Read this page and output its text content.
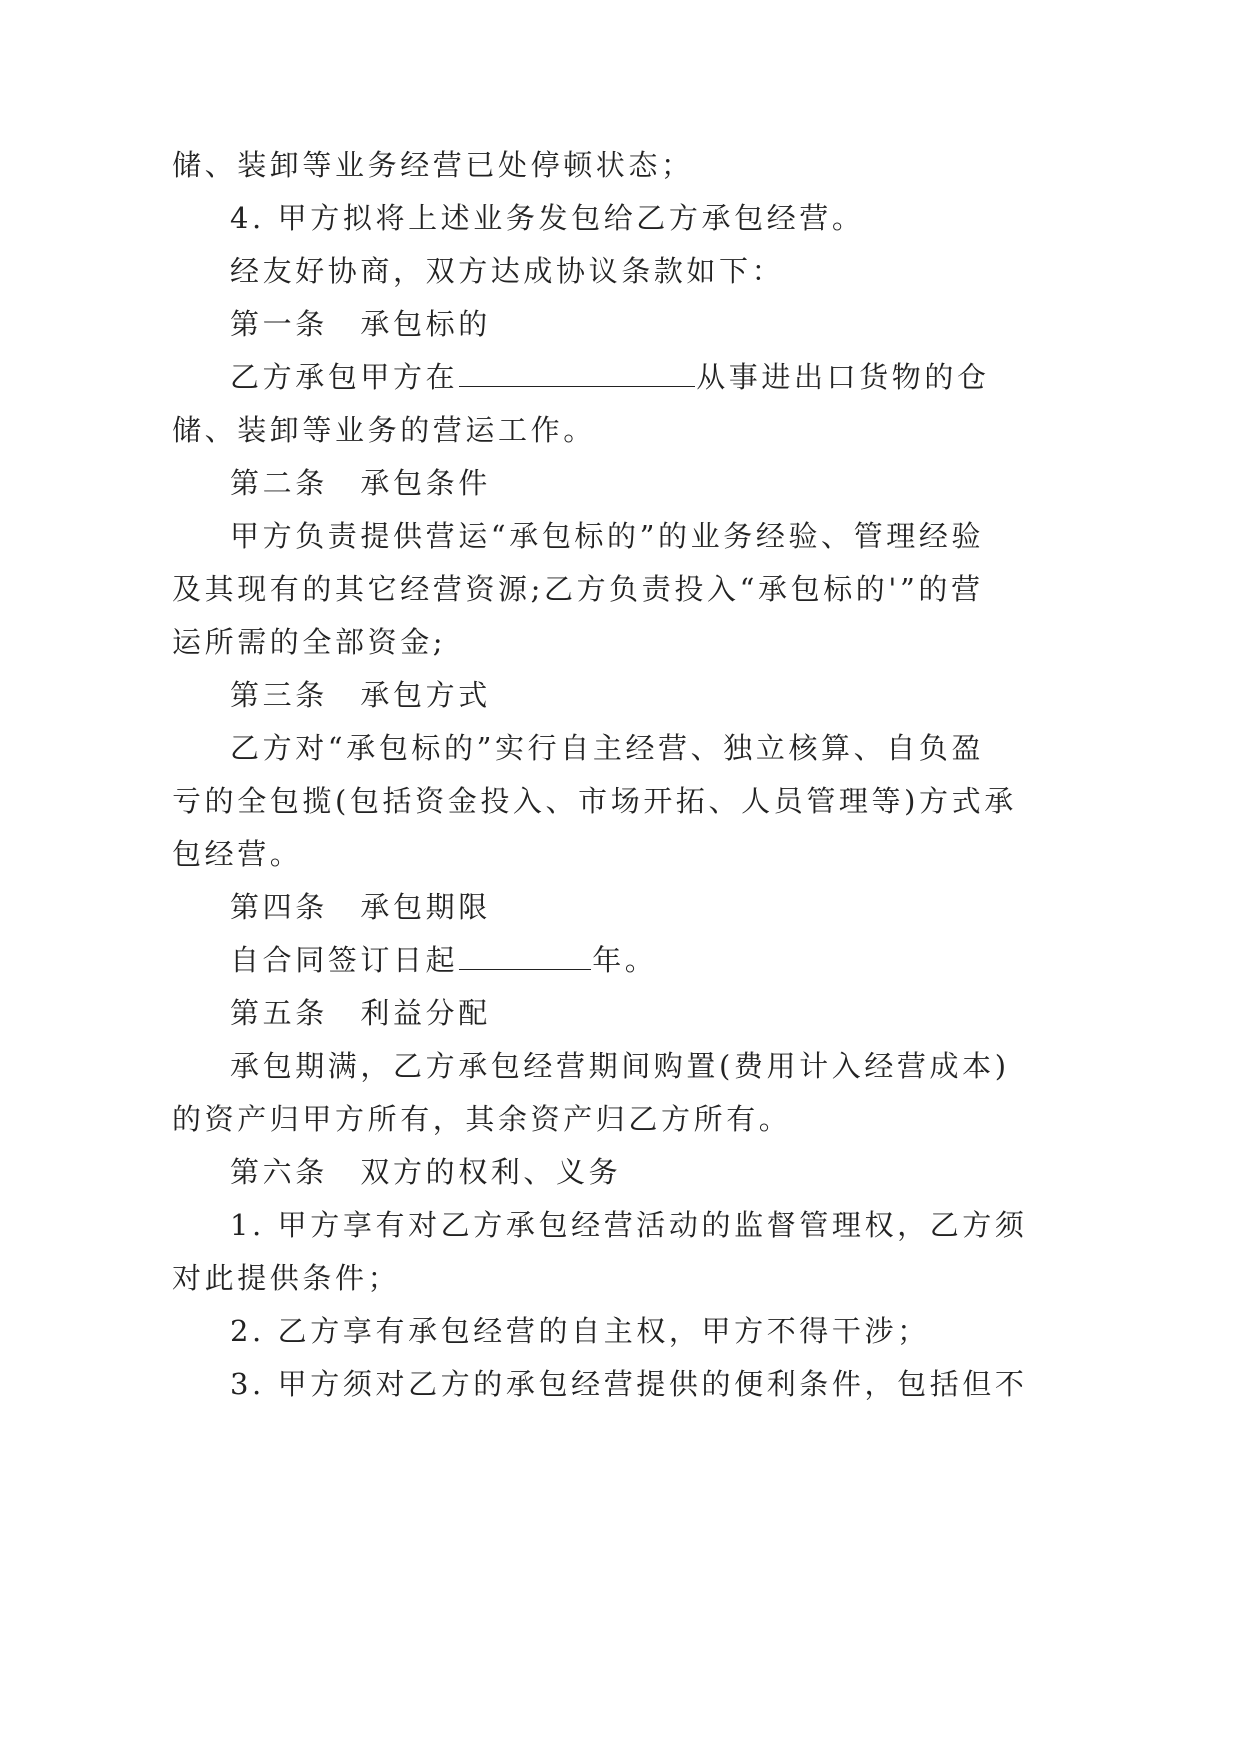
储、装卸等业务经营已处停顿状态；

4. 甲方拟将上述业务发包给乙方承包经营。

经友好协商，双方达成协议条款如下：

第一条　承包标的

乙方承包甲方在	从事进出口货物的仓

储、装卸等业务的营运工作。

第二条　承包条件

甲方负责提供营运“承包标的”的业务经验、管理经验

及其现有的其它经营资源;乙方负责投入“承包标的'”的营

运所需的全部资金;

第三条　承包方式

乙方对“承包标的”实行自主经营、独立核算、自负盈

亏的全包揽(包括资金投入、市场开拓、人员管理等)方式承

包经营。

第四条　承包期限

自合同签订日起	年。

第五条　利益分配

承包期满，乙方承包经营期间购置(费用计入经营成本)

的资产归甲方所有，其余资产归乙方所有。

第六条　双方的权利、义务

1. 甲方享有对乙方承包经营活动的监督管理权，乙方须

对此提供条件；

2. 乙方享有承包经营的自主权，甲方不得干涉；

3. 甲方须对乙方的承包经营提供的便利条件，包括但不
